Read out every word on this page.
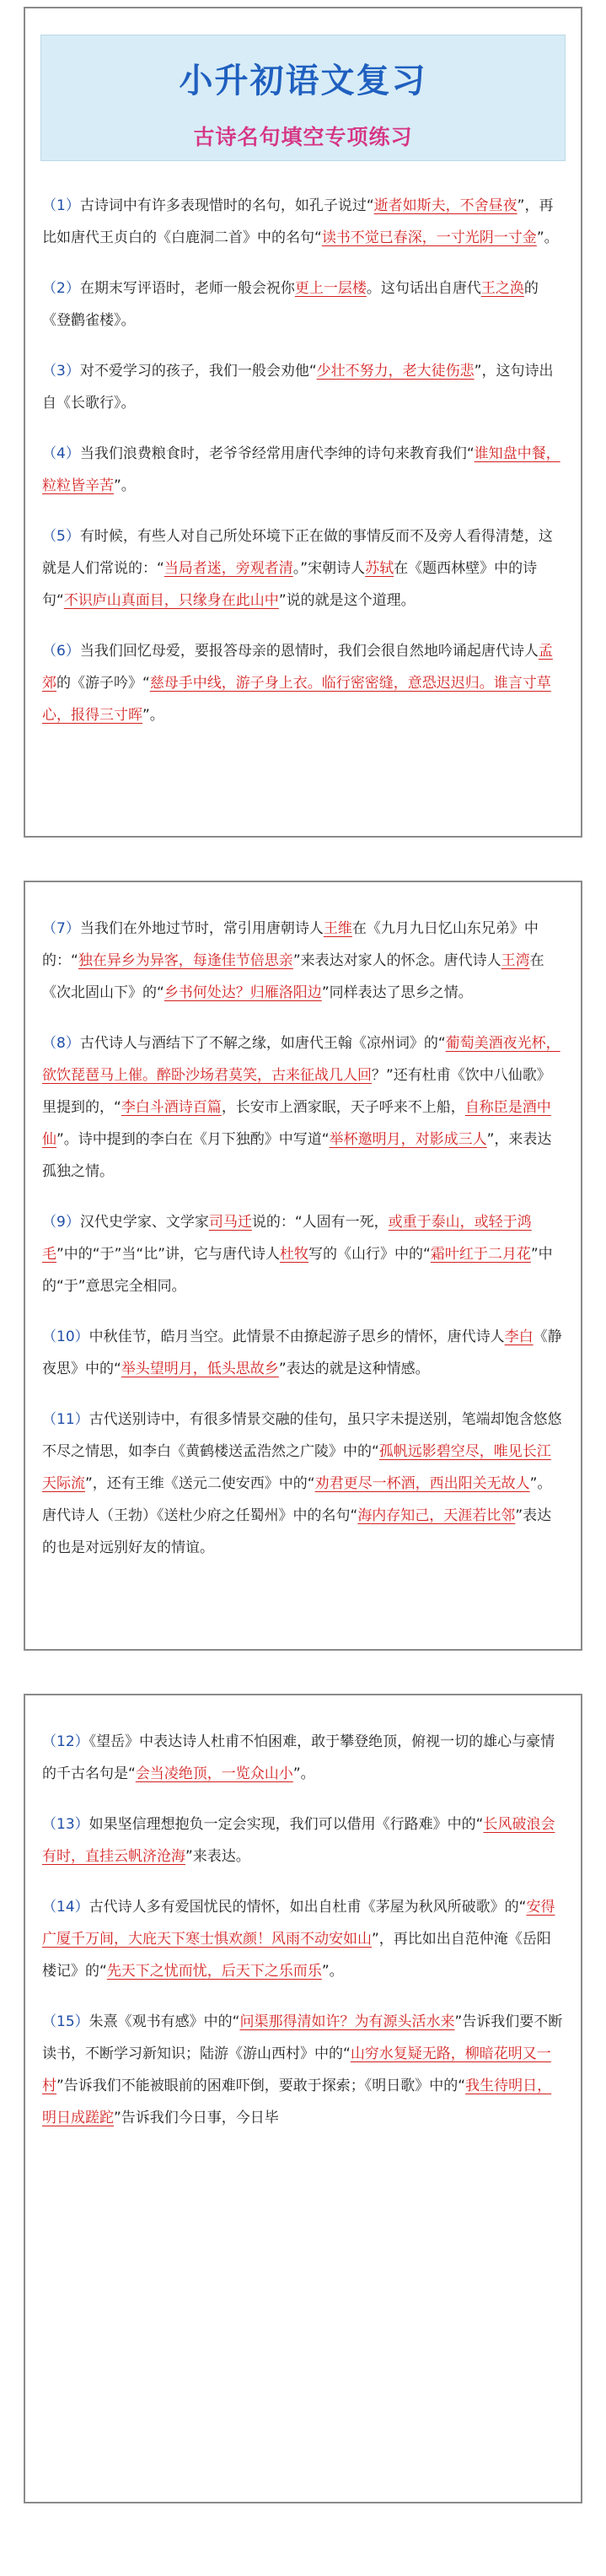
小升初语文复习
古诗名句填空专项练习
（1）古诗词中有许多表现惜时的名句，如孔子说过“逝者如斯夫，不舍昼夜”，再比如唐代王贞白的《白鹿洞二首》中的名句“读书不觉已春深，一寸光阴一寸金”。
（2）在期末写评语时，老师一般会祝你更上一层楼。这句话出自唐代王之涣的《登鹳雀楼》。
（3）对不爱学习的孩子，我们一般会劝他“少壮不努力，老大徒伤悲”，这句诗出自《长歌行》。
（4）当我们浪费粮食时，老爷爷经常用唐代李绅的诗句来教育我们“谁知盘中餐，粒粒皆辛苦”。
（5）有时候，有些人对自己所处环境下正在做的事情反而不及旁人看得清楚，这就是人们常说的：“当局者迷，旁观者清。”宋朝诗人苏轼在《题西林壁》中的诗句“不识庐山真面目，只缘身在此山中”说的就是这个道理。
（6）当我们回忆母爱，要报答母亲的恩情时，我们会很自然地吟诵起唐代诗人孟郊的《游子吟》“慈母手中线，游子身上衣。临行密密缝，意恐迟迟归。谁言寸草心，报得三寸晖”。
（7）当我们在外地过节时，常引用唐朝诗人王维在《九月九日忆山东兄弟》中的：“独在异乡为异客，每逢佳节倍思亲”来表达对家人的怀念。唐代诗人王湾在《次北固山下》的“乡书何处达？归雁洛阳边”同样表达了思乡之情。
（8）古代诗人与酒结下了不解之缘，如唐代王翰《凉州词》的“葡萄美酒夜光杯，欲饮琵琶马上催。醉卧沙场君莫笑，古来征战几人回？”还有杜甫《饮中八仙歌》里提到的，“李白斗酒诗百篇，长安市上酒家眠，天子呼来不上船，自称臣是酒中仙”。诗中提到的李白在《月下独酌》中写道“举杯邀明月，对影成三人”，来表达孤独之情。
（9）汉代史学家、文学家司马迁说的：“人固有一死，或重于泰山，或轻于鸿毛”中的“于”当“比”讲，它与唐代诗人杜牧写的《山行》中的“霜叶红于二月花”中的“于”意思完全相同。
（10）中秋佳节，皓月当空。此情景不由撩起游子思乡的情怀，唐代诗人李白《静夜思》中的“举头望明月，低头思故乡”表达的就是这种情感。
（11）古代送别诗中，有很多情景交融的佳句，虽只字未提送别，笔端却饱含悠悠不尽之情思，如李白《黄鹤楼送孟浩然之广陵》中的“孤帆远影碧空尽，唯见长江天际流”，还有王维《送元二使安西》中的“劝君更尽一杯酒，西出阳关无故人”。唐代诗人（王勃）《送杜少府之任蜀州》中的名句“海内存知己，天涯若比邻”表达的也是对远别好友的情谊。
（12）《望岳》中表达诗人杜甫不怕困难，敢于攀登绝顶，俯视一切的雄心与豪情的千古名句是“会当凌绝顶，一览众山小”。
（13）如果坚信理想抱负一定会实现，我们可以借用《行路难》中的“长风破浪会有时，直挂云帆济沧海”来表达。
（14）古代诗人多有爱国忧民的情怀，如出自杜甫《茅屋为秋风所破歌》的“安得广厦千万间，大庇天下寒士惧欢颜！风雨不动安如山”，再比如出自范仲淹《岳阳楼记》的“先天下之忧而忧，后天下之乐而乐”。
（15）朱熹《观书有感》中的“问渠那得清如许？为有源头活水来”告诉我们要不断读书，不断学习新知识；陆游《游山西村》中的“山穷水复疑无路，柳暗花明又一村”告诉我们不能被眼前的困难吓倒，要敢于探索；《明日歌》中的“我生待明日，明日成蹉跎”告诉我们今日事，今日毕
